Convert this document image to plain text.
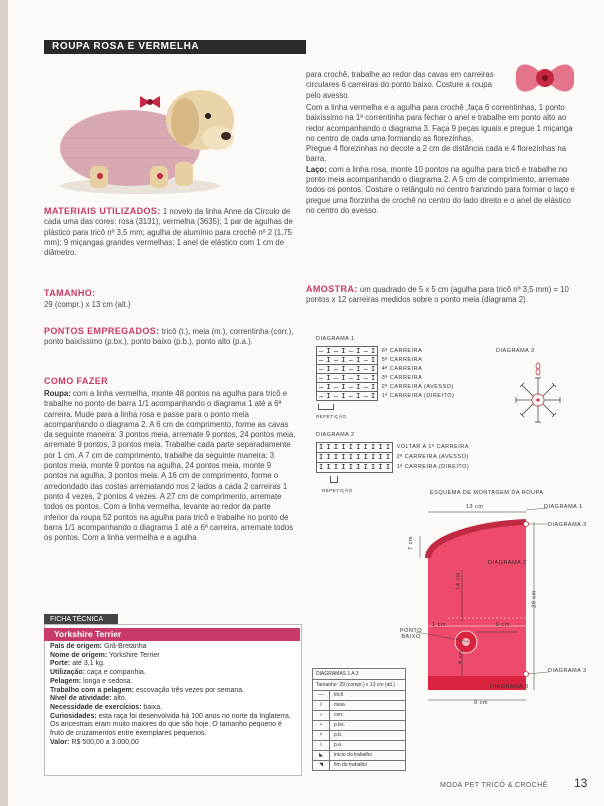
ROUPA ROSA E VERMELHA
MATERIAIS UTILIZADOS: 1 novelo da linha Anne da Círculo de cada uma das cores: rosa (3131), vermelha (3635); 1 par de agulhas de plástico para tricô nº 3,5 mm; agulha de alumínio para crochê nº 2 (1,75 mm); 9 miçangas grandes vermelhas; 1 anel de elástico com 1 cm de diâmetro.
TAMANHO:
29 (compr.) x 13 cm (alt.)
PONTOS EMPREGADOS: tricô (t.), meia (m.), correntinha (corr.), ponto baixíssimo (p.bx.), ponto baixo (p.b.), ponto alto (p.a.).
COMO FAZER
Roupa: com a linha vermelha, monte 48 pontos na agulha para tricô e trabalhe no ponto de barra 1/1 acompanhando o diagrama 1 até a 6ª carreira. Mude para a linha rosa e passe para o ponto meia acompanhando o diagrama 2. A 6 cm de comprimento, forme as cavas da seguinte maneira: 3 pontos meia, arremate 9 pontos, 24 pontos meia, arremate 9 pontos, 3 pontos meia. Trabalhe cada parte separadamente por 1 cm. A 7 cm de comprimento, trabalhe da seguinte maneira: 3 pontos meia, monte 9 pontos na agulha, 24 pontos meia, monte 9 pontos na agulha, 3 pontos meia. A 16 cm de comprimento, forme o arredondado das costas arrematando nos 2 lados a cada 2 carreiras 1 ponto 4 vezes, 2 pontos 4 vezes. A 27 cm de comprimento, arremate todos os pontos. Com a linha vermelha, levante ao redor da parte inferior da roupa 52 pontos na agulha para tricô e trabalhe no ponto de barra 1/1 acompanhando o diagrama 1 até a 6ª carreira, arremate todos os pontos. Com a linha vermelha e a agulha
FICHA TÉCNICA
Yorkshire Terrier
País de origem: Grã-Bretanha
Nome de origem: Yorkshire Terrier
Porte: até 3,1 kg.
Utilização: caça e companhia.
Pelagem: longa e sedosa.
Trabalho com a pelagem: escovação três vezes por semana.
Nível de atividade: alto.
Necessidade de exercícios: baixa.
Curiosidades: esta raça foi desenvolvida há 100 anos no norte da Inglaterra. Os ancestrais eram muito maiores do que são hoje. O tamanho pequeno é fruto de cruzamentos entre exemplares pequenos.
Valor: R$ 500,00 a 3.000,00
para crochê, trabalhe ao redor das cavas em carreiras circulares 6 carreiras do ponto baixo. Costure a roupa pelo avesso.
Com a linha vermelha e a agulha para crochê ,faça 6 correntinhas, 1 ponto baixíssimo na 1ª correntinha para fechar o anel e trabalhe em ponto alto ao redor acompanhando o diagrama 3. Faça 9 peças iguais e pregue 1 miçanga no centro de cada uma formando as florezinhas.
Pregue 4 florezinhas no decote a 2 cm de distância cada e 4 florezinhas na barra.
Laço: com a linha rosa, monte 10 pontos na agulha para tricô e trabalhe no ponto meia acompanhando o diagrama 2. A 5 cm de comprimento, arremate todos os pontos. Costure o retângulo no centro franzindo para formar o laço e pregue uma florzinha de crochê no centro do lado direito e o anel de elástico no centro do avesso.
AMOSTRA: um quadrado de 5 x 5 cm (agulha para tricô nº 3,5 mm) = 10 pontos x 12 carreiras medidos sobre o ponto meia (diagrama 2).
DIAGRAMA 1
– I – I – I – I	6ª CARREIRA
– I – I – I – I	5ª CARREIRA
– I – I – I – I	4ª CARREIRA
– I – I – I – I	3ª CARREIRA
– I – I – I – I	2ª CARREIRA (AVESSO)
– I – I – I – I	1ª CARREIRA (DIREITO)
REPETIÇÃO
DIAGRAMA 2
I I I I I I I I I I	VOLTAR A 1ª CARREIRA
I I I I I I I I I I	2ª CARREIRA (AVESSO)
I I I I I I I I I I	1ª CARREIRA (DIREITO)
REPETIÇÃO
DIAGRAMA 3
ESQUEMA DE MONTAGEM DA ROUPA
13 cm
7 cm
14 cm
29 cm
1 cm	6 cm
4 cm
9 cm
DIAGRAMA 1
DIAGRAMA 3
DIAGRAMA 2
DIAGRAMA 3
DIAGRAMA 3
PONTO BAIXO
DIAGRAMAS 1 A 3
Tamanho: 29 (compr.) x 13 cm (alt.)
—	tricô
I	meia
○	corr.
•	p.bx.
×	p.b.
⌇	p.a.
◣	início do trabalho
◥	fim do trabalho
MODA PET TRICÔ & CROCHÊ 13
